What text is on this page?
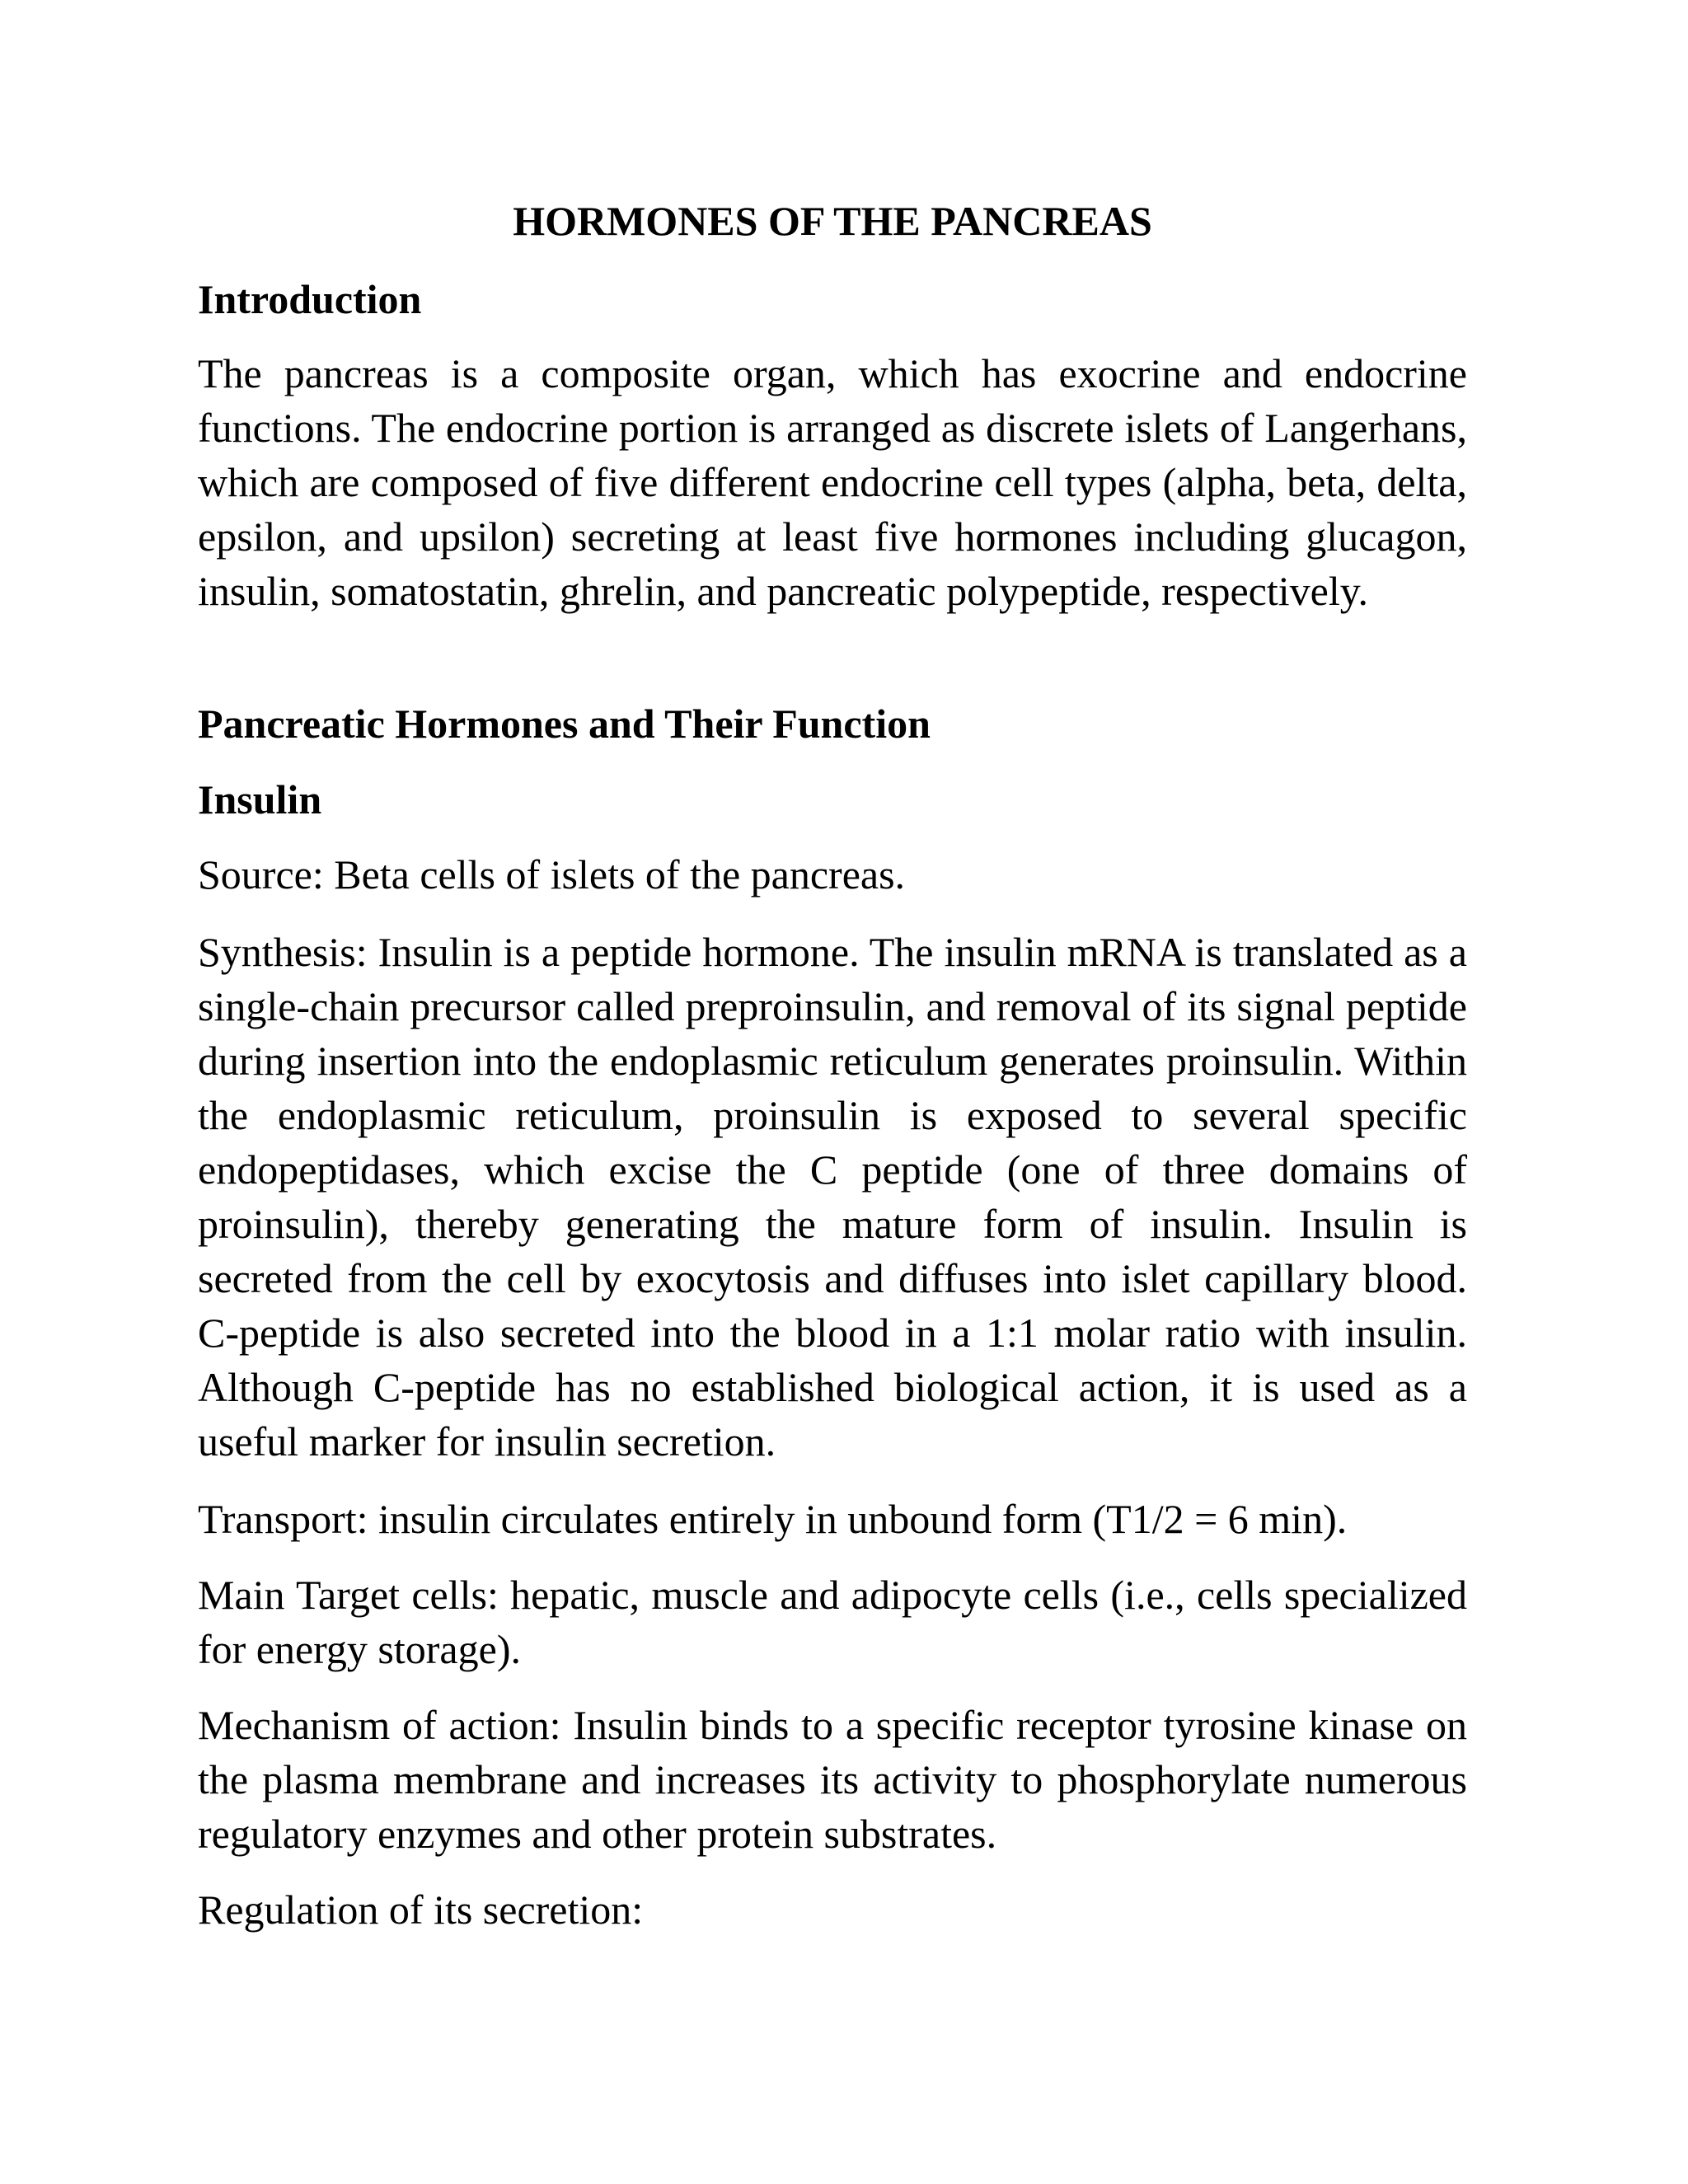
HORMONES OF THE PANCREAS
Introduction

The pancreas is a composite organ, which has exocrine and endocrine functions. The endocrine portion is arranged as discrete islets of Langerhans, which are composed of five different endocrine cell types (alpha, beta, delta, epsilon, and upsilon) secreting at least five hormones including glucagon, insulin, somatostatin, ghrelin, and pancreatic polypeptide, respectively.

Pancreatic Hormones and Their Function
Insulin

Source: Beta cells of islets of the pancreas.

Synthesis: Insulin is a peptide hormone. The insulin mRNA is translated as a single-chain precursor called preproinsulin, and removal of its signal peptide during insertion into the endoplasmic reticulum generates proinsulin. Within the endoplasmic reticulum, proinsulin is exposed to several specific endopeptidases, which excise the C peptide (one of three domains of proinsulin), thereby generating the mature form of insulin. Insulin is secreted from the cell by exocytosis and diffuses into islet capillary blood. C-peptide is also secreted into the blood in a 1:1 molar ratio with insulin. Although C-peptide has no established biological action, it is used as a useful marker for insulin secretion.

Transport: insulin circulates entirely in unbound form (T1/2 = 6 min).

Main Target cells: hepatic, muscle and adipocyte cells (i.e., cells specialized for energy storage).

Mechanism of action: Insulin binds to a specific receptor tyrosine kinase on the plasma membrane and increases its activity to phosphorylate numerous regulatory enzymes and other protein substrates.

Regulation of its secretion:
